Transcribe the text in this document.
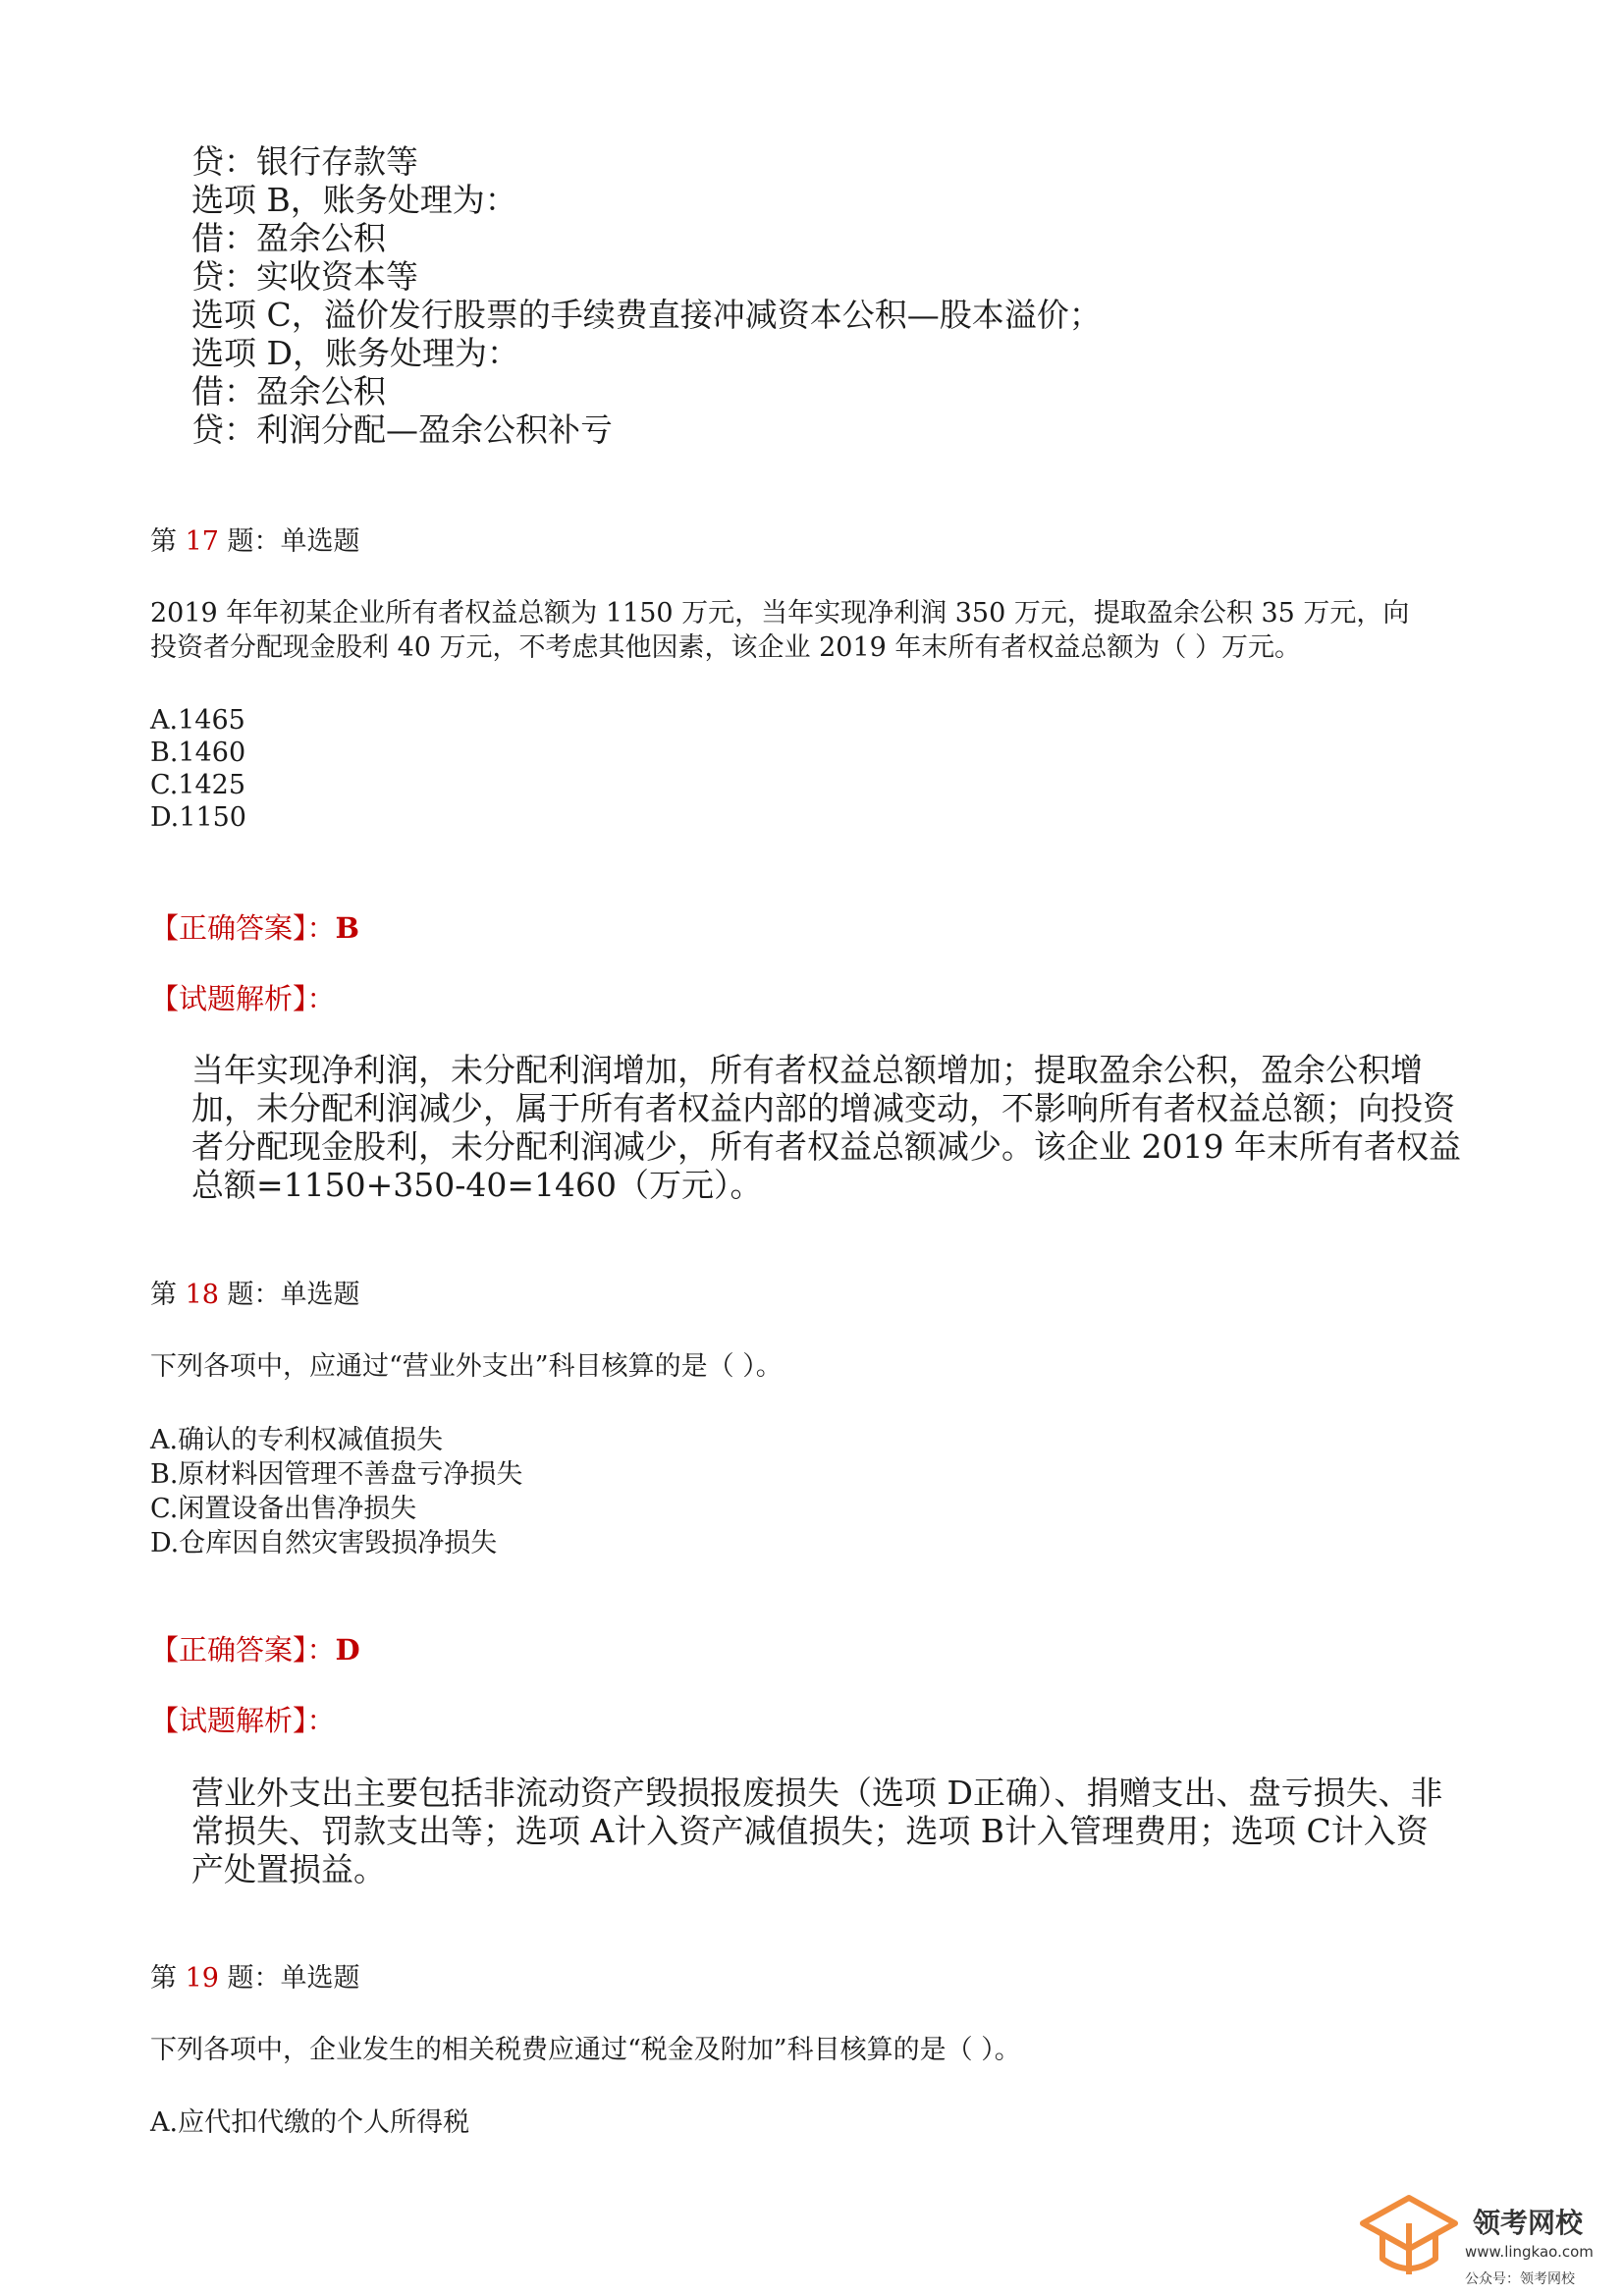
贷：银行存款等
选项 B，账务处理为：
借：盈余公积
贷：实收资本等
选项 C，溢价发行股票的手续费直接冲减资本公积—股本溢价；
选项 D，账务处理为：
借：盈余公积
贷：利润分配—盈余公积补亏
第 17 题：单选题
2019 年年初某企业所有者权益总额为 1150 万元，当年实现净利润 350 万元，提取盈余公积 35 万元，向
投资者分配现金股利 40 万元，不考虑其他因素，该企业 2019 年末所有者权益总额为（ ）万元。
A.1465
B.1460
C.1425
D.1150
【正确答案】：B
【试题解析】：
当年实现净利润，未分配利润增加，所有者权益总额增加；提取盈余公积，盈余公积增
加，未分配利润减少，属于所有者权益内部的增减变动，不影响所有者权益总额；向投资
者分配现金股利，未分配利润减少，所有者权益总额减少。该企业 2019 年末所有者权益
总额=1150+350-40=1460（万元）。
第 18 题：单选题
下列各项中，应通过“营业外支出”科目核算的是（ ）。
A.确认的专利权减值损失
B.原材料因管理不善盘亏净损失
C.闲置设备出售净损失
D.仓库因自然灾害毁损净损失
【正确答案】：D
【试题解析】：
营业外支出主要包括非流动资产毁损报废损失（选项 D正确）、捐赠支出、盘亏损失、非
常损失、罚款支出等；选项 A计入资产减值损失；选项 B计入管理费用；选项 C计入资
产处置损益。
第 19 题：单选题
下列各项中，企业发生的相关税费应通过“税金及附加”科目核算的是（ ）。
A.应代扣代缴的个人所得税
领考网校
www.lingkao.com
公众号：领考网校
